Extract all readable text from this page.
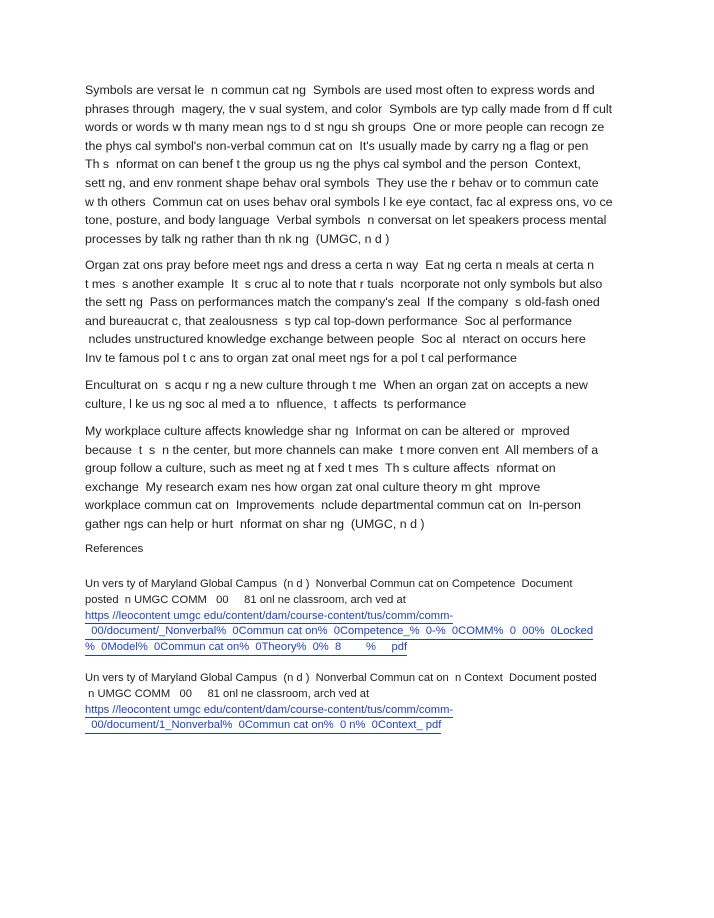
Symbols are versat le  n commun cat ng  Symbols are used most often to express words and
phrases through  magery, the v sual system, and color  Symbols are typ cally made from d ff cult
words or words w th many mean ngs to d st ngu sh groups  One or more people can recogn ze
the phys cal symbol's non-verbal commun cat on  It's usually made by carry ng a flag or pen
Th s  nformat on can benef t the group us ng the phys cal symbol and the person  Context,
sett ng, and env ronment shape behav oral symbols  They use the r behav or to commun cate
w th others  Commun cat on uses behav oral symbols l ke eye contact, fac al express ons, vo ce
tone, posture, and body language  Verbal symbols  n conversat on let speakers process mental
processes by talk ng rather than th nk ng  (UMGC, n d )
Organ zat ons pray before meet ngs and dress a certa n way  Eat ng certa n meals at certa n
t mes  s another example  It  s cruc al to note that r tuals  ncorporate not only symbols but also
the sett ng  Pass on performances match the company's zeal  If the company  s old-fash oned
and bureaucrat c, that zealousness  s typ cal top-down performance  Soc al performance
ncludes unstructured knowledge exchange between people  Soc al  nteract on occurs here
Inv te famous pol t c ans to organ zat onal meet ngs for a pol t cal performance
Enculturat on  s acqu r ng a new culture through t me  When an organ zat on accepts a new
culture, l ke us ng soc al med a to  nfluence,  t affects  ts performance
My workplace culture affects knowledge shar ng  Informat on can be altered or  mproved
because  t  s  n the center, but more channels can make  t more conven ent  All members of a
group follow a culture, such as meet ng at f xed t mes  Th s culture affects  nformat on
exchange  My research exam nes how organ zat onal culture theory m ght  mprove
workplace commun cat on  Improvements  nclude departmental commun cat on  In-person
gather ngs can help or hurt  nformat on shar ng  (UMGC, n d )
References
Un vers ty of Maryland Global Campus  (n d )  Nonverbal Commun cat on Competence  Document
posted  n UMGC COMM   00     81 onl ne classroom, arch ved at
https //leocontent umgc edu/content/dam/course-content/tus/comm/comm-
00/document/_Nonverbal%  0Commun cat on%  0Competence_%  0-%  0COMM%  0  00%  0Locked
%  0Model%  0Commun cat on%  0Theory%  0%  8        %     pdf
Un vers ty of Maryland Global Campus  (n d )  Nonverbal Commun cat on  n Context  Document posted
n UMGC COMM   00     81 onl ne classroom, arch ved at
https //leocontent umgc edu/content/dam/course-content/tus/comm/comm-
00/document/1_Nonverbal%  0Commun cat on%  0 n%  0Context_ pdf
